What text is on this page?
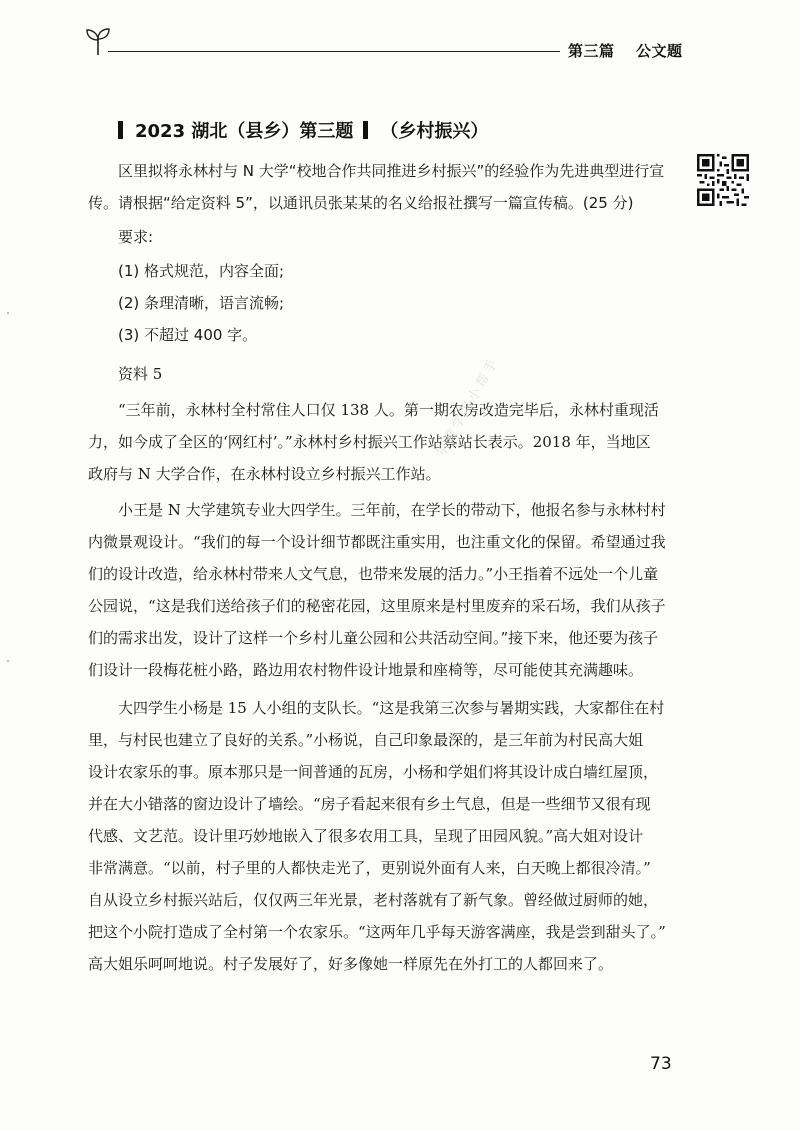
第三篇 公文题
2023 湖北（县乡）第三题 （乡村振兴）
区里拟将永林村与 N 大学“校地合作共同推进乡村振兴”的经验作为先进典型进行宣
传。请根据“给定资料 5”，以通讯员张某某的名义给报社撰写一篇宣传稿。(25 分)
要求:
(1) 格式规范，内容全面;
(2) 条理清晰，语言流畅;
(3) 不超过 400 字。
资料 5
“三年前，永林村全村常住人口仅 138 人。第一期农房改造完毕后，永林村重现活
力，如今成了全区的‘网红村’。”永林村乡村振兴工作站蔡站长表示。2018 年，当地区
政府与 N 大学合作，在永林村设立乡村振兴工作站。
小王是 N 大学建筑专业大四学生。三年前，在学长的带动下，他报名参与永林村村
内微景观设计。“我们的每一个设计细节都既注重实用，也注重文化的保留。希望通过我
们的设计改造，给永林村带来人文气息，也带来发展的活力。”小王指着不远处一个儿童
公园说，“这是我们送给孩子们的秘密花园，这里原来是村里废弃的采石场，我们从孩子
们的需求出发，设计了这样一个乡村儿童公园和公共活动空间。”接下来，他还要为孩子
们设计一段梅花桩小路，路边用农村物件设计地景和座椅等，尽可能使其充满趣味。
大四学生小杨是 15 人小组的支队长。“这是我第三次参与暑期实践，大家都住在村
里，与村民也建立了良好的关系。”小杨说，自己印象最深的，是三年前为村民高大姐
设计农家乐的事。原本那只是一间普通的瓦房，小杨和学姐们将其设计成白墙红屋顶，
并在大小错落的窗边设计了墙绘。“房子看起来很有乡土气息，但是一些细节又很有现
代感、文艺范。设计里巧妙地嵌入了很多农用工具，呈现了田园风貌。”高大姐对设计
非常满意。“以前，村子里的人都快走光了，更别说外面有人来，白天晚上都很冷清。”
自从设立乡村振兴站后，仅仅两三年光景，老村落就有了新气象。曾经做过厨师的她，
把这个小院打造成了全村第一个农家乐。“这两年几乎每天游客满座，我是尝到甜头了。”
高大姐乐呵呵地说。村子发展好了，好多像她一样原先在外打工的人都回来了。
尔雅学习小帮手
73
